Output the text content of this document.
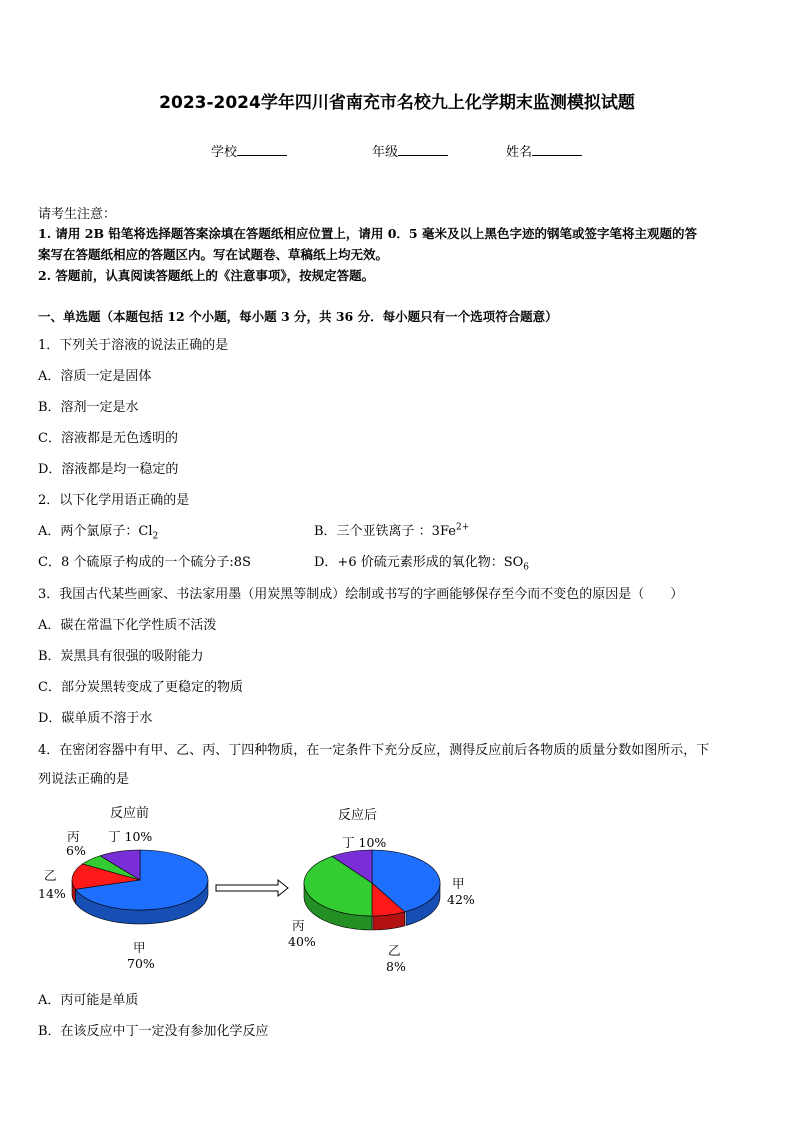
2023-2024学年四川省南充市名校九上化学期末监测模拟试题
学校	年级	姓名
请考生注意：
1. 请用 2B 铅笔将选择题答案涂填在答题纸相应位置上，请用 0．5 毫米及以上黑色字迹的钢笔或签字笔将主观题的答
案写在答题纸相应的答题区内。写在试题卷、草稿纸上均无效。
2. 答题前，认真阅读答题纸上的《注意事项》，按规定答题。
一、单选题（本题包括 12 个小题，每小题 3 分，共 36 分．每小题只有一个选项符合题意）
1．下列关于溶液的说法正确的是
A．溶质一定是固体
B．溶剂一定是水
C．溶液都是无色透明的
D．溶液都是均一稳定的
2．以下化学用语正确的是
A．两个氯原子：$Cl_2$	B．三个亚铁离子 ：$3Fe^{2+}$
C．8 个硫原子构成的一个硫分子:8S	D．+6 价硫元素形成的氧化物：$SO_6$
3．我国古代某些画家、书法家用墨（用炭黑等制成）绘制或书写的字画能够保存至今而不变色的原因是（　　）
A．碳在常温下化学性质不活泼
B．炭黑具有很强的吸附能力
C．部分炭黑转变成了更稳定的物质
D．碳单质不溶于水
4．在密闭容器中有甲、乙、丙、丁四种物质，在一定条件下充分反应，测得反应前后各物质的质量分数如图所示，下
列说法正确的是
反应前
丙
6%
丁 10%
乙
14%
甲
70%
反应后
丁 10%
甲
42%
丙
40%
乙
8%
A．丙可能是单质
B．在该反应中丁一定没有参加化学反应
